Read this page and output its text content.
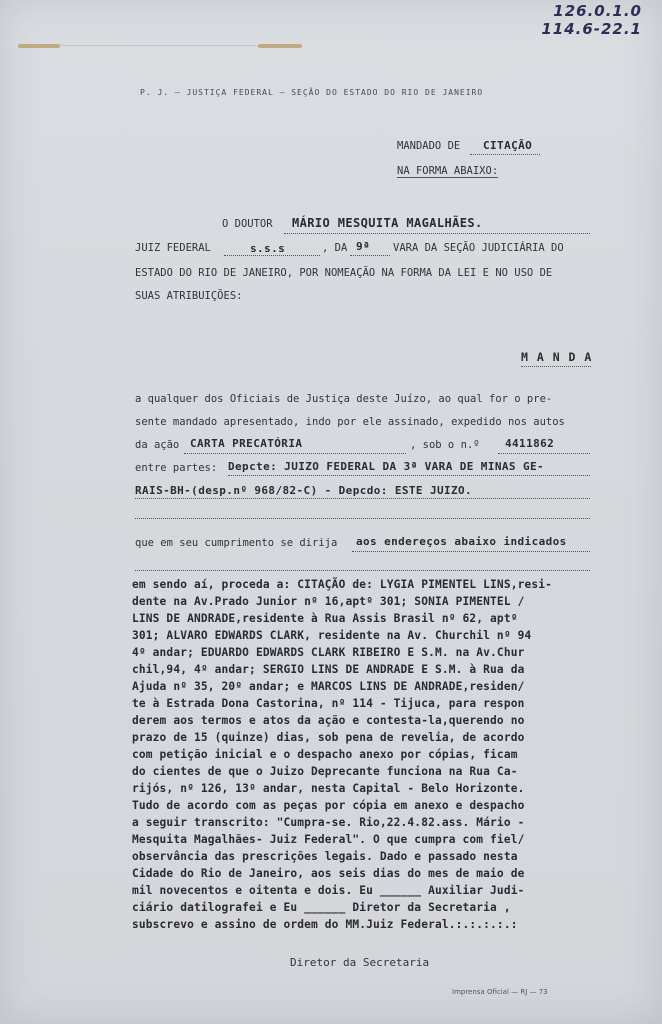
126.0.1.0
114.6-22.1
P. J. — JUSTIÇA FEDERAL — SEÇÃO DO ESTADO DO RIO DE JANEIRO
MANDADO DE CITAÇÃO
NA FORMA ABAIXO:
O DOUTOR MÁRIO MESQUITA MAGALHÃES.
JUIZ FEDERAL	s.s.s	, DA 9ª VARA DA SEÇÃO JUDICIÁRIA DO
ESTADO DO RIO DE JANEIRO, POR NOMEAÇÃO NA FORMA DA LEI E NO USO DE
SUAS ATRIBUIÇÕES:
M A N D A
a qualquer dos Oficiais de Justiça deste Juízo, ao qual for o pre-
sente mandado apresentado, indo por ele assinado, expedido nos autos
da ação CARTA PRECATÓRIA	, sob o n.º 4411862
entre partes: Depcte: JUIZO FEDERAL DA 3ª VARA DE MINAS GE-
RAIS-BH-(desp.nº 968/82-C) - Depcdo: ESTE JUIZO.
que em seu cumprimento se dirija aos endereços abaixo indicados
em sendo aí, proceda a: CITAÇÃO de: LYGIA PIMENTEL LINS,resi-
dente na Av.Prado Junior nº 16,aptº 301; SONIA PIMENTEL /
LINS DE ANDRADE,residente à Rua Assis Brasil nº 62, aptº
301; ALVARO EDWARDS CLARK, residente na Av. Churchil nº 94
4º andar; EDUARDO EDWARDS CLARK RIBEIRO E S.M. na Av.Chur
chil,94, 4º andar; SERGIO LINS DE ANDRADE E S.M. à Rua da
Ajuda nº 35, 20º andar; e MARCOS LINS DE ANDRADE,residen/
te à Estrada Dona Castorina, nº 114 - Tijuca, para respon
derem aos termos e atos da ação e contesta-la,querendo no
prazo de 15 (quinze) dias, sob pena de revelia, de acordo
com petição inicial e o despacho anexo por cópias, ficam
do cientes de que o Juizo Deprecante funciona na Rua Ca-
rijós, nº 126, 13º andar, nesta Capital - Belo Horizonte.
Tudo de acordo com as peças por cópia em anexo e despacho
a seguir transcrito: "Cumpra-se. Rio,22.4.82.ass. Mário -
Mesquita Magalhães- Juiz Federal". O que cumpra com fiel/
observância das prescrições legais. Dado e passado nesta
Cidade do Rio de Janeiro, aos seis dias do mes de maio de
mil novecentos e oitenta e dois. Eu ______ Auxiliar Judi-
ciário datilografei e Eu ______ Diretor da Secretaria ,
subscrevo e assino de ordem do MM.Juiz Federal.:.:.:.:.:
Diretor da Secretaria
Imprensa Oficial — RJ — 73
